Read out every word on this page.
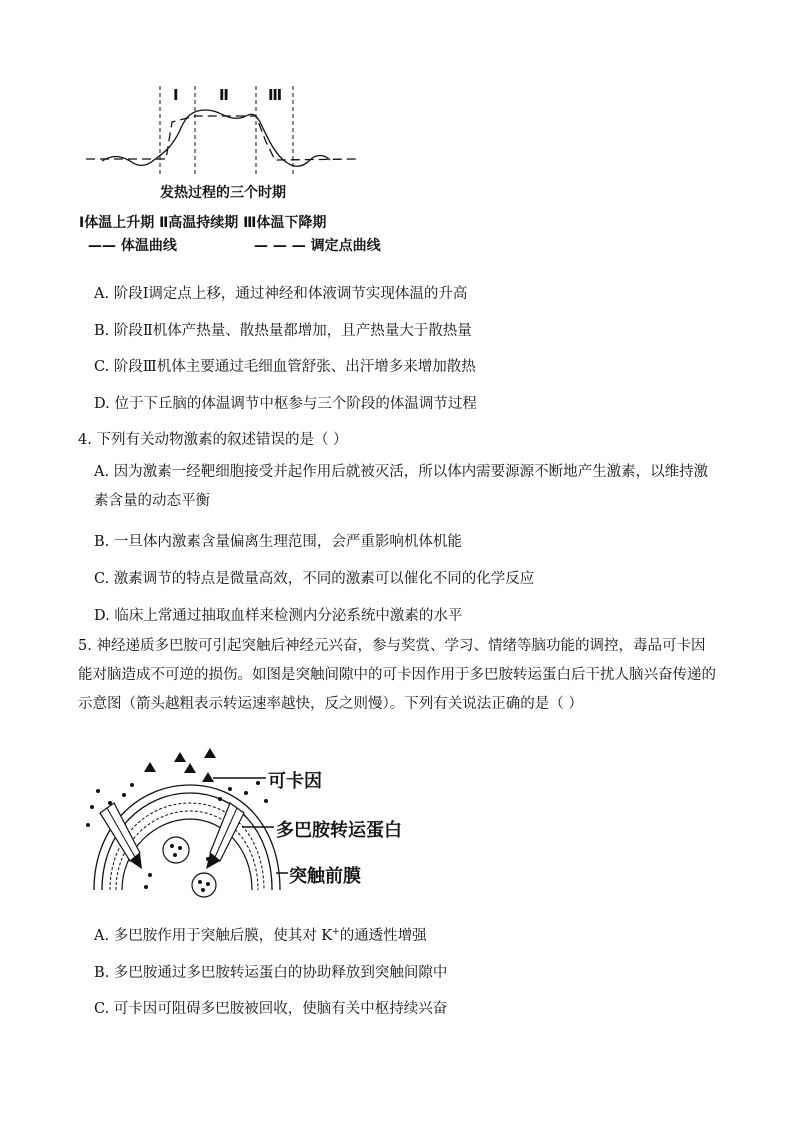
Ⅰ	Ⅱ	Ⅲ
发热过程的三个时期
Ⅰ体温上升期 Ⅱ高温持续期 Ⅲ体温下降期
—— 体温曲线	— — — 调定点曲线
A. 阶段Ⅰ调定点上移，通过神经和体液调节实现体温的升高
B. 阶段Ⅱ机体产热量、散热量都增加，且产热量大于散热量
C. 阶段Ⅲ机体主要通过毛细血管舒张、出汗增多来增加散热
D. 位于下丘脑的体温调节中枢参与三个阶段的体温调节过程
4. 下列有关动物激素的叙述错误的是（ ）
A. 因为激素一经靶细胞接受并起作用后就被灭活，所以体内需要源源不断地产生激素，以维持激素含量的动态平衡
B. 一旦体内激素含量偏离生理范围，会严重影响机体机能
C. 激素调节的特点是微量高效，不同的激素可以催化不同的化学反应
D. 临床上常通过抽取血样来检测内分泌系统中激素的水平
5. 神经递质多巴胺可引起突触后神经元兴奋，参与奖赏、学习、情绪等脑功能的调控，毒品可卡因能对脑造成不可逆的损伤。如图是突触间隙中的可卡因作用于多巴胺转运蛋白后干扰人脑兴奋传递的示意图（箭头越粗表示转运速率越快，反之则慢）。下列有关说法正确的是（ ）
可卡因
多巴胺转运蛋白
突触前膜
A. 多巴胺作用于突触后膜，使其对 K+的通透性增强
B. 多巴胺通过多巴胺转运蛋白的协助释放到突触间隙中
C. 可卡因可阻碍多巴胺被回收，使脑有关中枢持续兴奋
